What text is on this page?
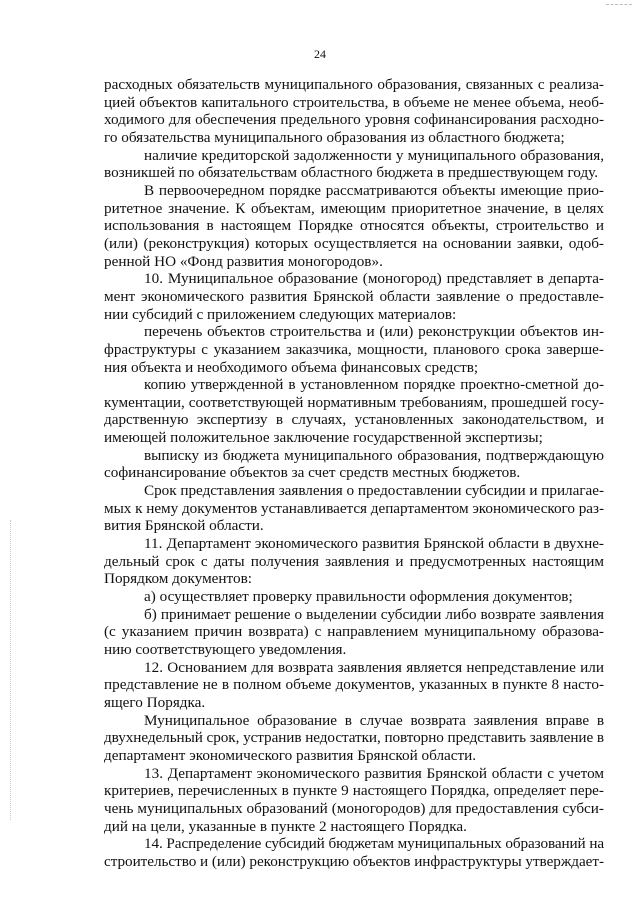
24
расходных обязательств муниципального образования, связанных с реализа-
цией объектов капитального строительства, в объеме не менее объема, необ-
ходимого для обеспечения предельного уровня софинансирования расходно-
го обязательства муниципального образования из областного бюджета;
наличие кредиторской задолженности у муниципального образования,
возникшей по обязательствам областного бюджета в предшествующем году.
В первоочередном порядке рассматриваются объекты имеющие прио-
ритетное значение. К объектам, имеющим приоритетное значение, в целях
использования в настоящем Порядке относятся объекты, строительство и
(или) (реконструкция) которых осуществляется на основании заявки, одоб-
ренной НО «Фонд развития моногородов».
10. Муниципальное образование (моногород) представляет в департа-
мент экономического развития Брянской области заявление о предоставле-
нии субсидий с приложением следующих материалов:
перечень объектов строительства и (или) реконструкции объектов ин-
фраструктуры с указанием заказчика, мощности, планового срока заверше-
ния объекта и необходимого объема финансовых средств;
копию утвержденной в установленном порядке проектно-сметной до-
кументации, соответствующей нормативным требованиям, прошедшей госу-
дарственную экспертизу в случаях, установленных законодательством, и
имеющей положительное заключение государственной экспертизы;
выписку из бюджета муниципального образования, подтверждающую
софинансирование объектов за счет средств местных бюджетов.
Срок представления заявления о предоставлении субсидии и прилагае-
мых к нему документов устанавливается департаментом экономического раз-
вития Брянской области.
11. Департамент экономического развития Брянской области в двухне-
дельный срок с даты получения заявления и предусмотренных настоящим
Порядком документов:
а) осуществляет проверку правильности оформления документов;
б) принимает решение о выделении субсидии либо возврате заявления
(с указанием причин возврата) с направлением муниципальному образова-
нию соответствующего уведомления.
12. Основанием для возврата заявления является непредставление или
представление не в полном объеме документов, указанных в пункте 8 насто-
ящего Порядка.
Муниципальное образование в случае возврата заявления вправе в
двухнедельный срок, устранив недостатки, повторно представить заявление в
департамент экономического развития Брянской области.
13. Департамент экономического развития Брянской области с учетом
критериев, перечисленных в пункте 9 настоящего Порядка, определяет пере-
чень муниципальных образований (моногородов) для предоставления субси-
дий на цели, указанные в пункте 2 настоящего Порядка.
14. Распределение субсидий бюджетам муниципальных образований на
строительство и (или) реконструкцию объектов инфраструктуры утверждает-
